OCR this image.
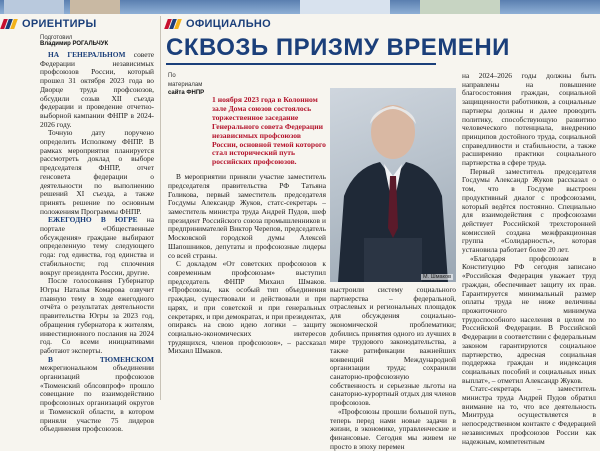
ОРИЕНТИРЫ
Подготовил
Владимир РОГАЛЬЧУК

НА ГЕНЕРАЛЬНОМ совете Федерации независимых профсоюзов России, который прошел 31 октября 2023 года во Дворце труда профсоюзов, обсудили созыв XII съезда федерации и проведение отчетно-выборной кампании ФНПР в 2024-2026 году.

Точную дату поручено определить Исполкому ФНПР. В рамках мероприятия планируется рассмотреть доклад о выборе председателя ФНПР, отчет генсовета федерации о деятельности по выполнению решений XI съезда, а также принять решение по основным положениям Программы ФНПР.

ЕЖЕГОДНО В ЮГРЕ на портале «Общественные обсуждения» граждане выбирают определенную тему следующего года: год единства, год единства и стабильности; год сплочения вокруг президента России, другие.

После голосования Губернатор Югры Наталья Комарова озвучит главную тему в ходе ежегодного отчёта о результатах деятельности правительства Югры за 2023 год, обращения губернатора к жителям, инвестиционного послания на 2024 год. Со всеми инициативами работают эксперты.

В ТЮМЕНСКОМ межрегиональном объединении организаций профсоюзов «Тюменский облсовпроф» прошло совещание по взаимодействию профсоюзных организаций округов и Тюменской области, в котором приняли участие 75 лидеров объединения профсоюзов.

ОФИЦИАЛЬНО
СКВОЗЬ ПРИЗМУ ВРЕМЕНИ
По материалам
сайта ФНПР
1 ноября 2023 года в Колонном зале Дома союзов состоялось торжественное заседание Генерального совета Федерации независимых профсоюзов России, основной темой которого стал исторический путь российских профсоюзов.

В мероприятии приняли участие заместитель председателя правительства РФ Татьяна Голикова, первый заместитель председателя Госдумы Александр Жуков, статс-секретарь – заместитель министра труда Андрей Пудов, шеф президент Российского союза промышленников и предпринимателей Виктор Черепов, председатель Московской городской думы Алексей Шапошников, депутаты и профсоюзные лидеры со всей страны.

С докладом «От советских профсоюзов к современным профсоюзам» выступил председатель ФНПР Михаил Шмаков. «Профсоюзы, как особый тип объединения граждан, существовали и действовали и при царях, и при советской и при генеральных секретарях, и при демократах, и при президентах, опираясь на свою идею логики – защиту социально-экономических интересов трудящихся, членов профсоюзов», – рассказал Михаил Шмаков.

М. Шмаков

выстроили систему социального партнерства – федеральной, отраслевых и региональных площадок для обсуждения социально-экономической проблематики; добились принятия одного из лучших в мире трудового законодательства, а также ратификации важнейших конвенций Международной организации труда; сохранили санаторно-профсоюзную собственность и серьезные льготы на санаторно-курортный отдых для членов профсоюзов.

«Профсоюзы прошли большой путь, теперь перед нами новые задачи в жизни, в экономике, управленческие и финансовые. Сегодня мы живем не просто в эпоху перемен

на 2024–2026 годы должны быть направлены на повышение благосостояния граждан, социальной защищенности работников, а социальные партнеры должны и далее проводить политику, способствующую развитию человеческого потенциала, внедрению принципов достойного труда, социальной справедливости и стабильности, а также расширению практики социального партнерства в сфере труда.

Первый заместитель председателя Госдумы Александр Жуков рассказал о том, что в Госдуме выстроен продуктивный диалог с профсоюзами, который ведётся постоянно. Специально для взаимодействия с профсоюзами действует Российской трехсторонней комиссией создана межфракционная группа «Солидарность», которая установила работает более 20 лет.

«Благодаря профсоюзам в Конституцию РФ сегодня записано «Российская Федерация уважает труд граждан, обеспечивает защиту их прав. Гарантируется минимальный размер оплаты труда не ниже величины прожиточного минимума трудоспособного населения в целом по Российской Федерации. В Российской Федерации в соответствии с федеральным законом гарантируются социальное партнерство, адресная социальная поддержка граждан и индексация социальных пособий и социальных иных выплат», – отметил Александр Жуков.

Статс-секретарь – заместитель министра труда Андрей Пудов обратил внимание на то, что все деятельность Минтруда осуществляется в непосредственном контакте с Федерацией независимых профсоюзов России как надежным, компетентным
